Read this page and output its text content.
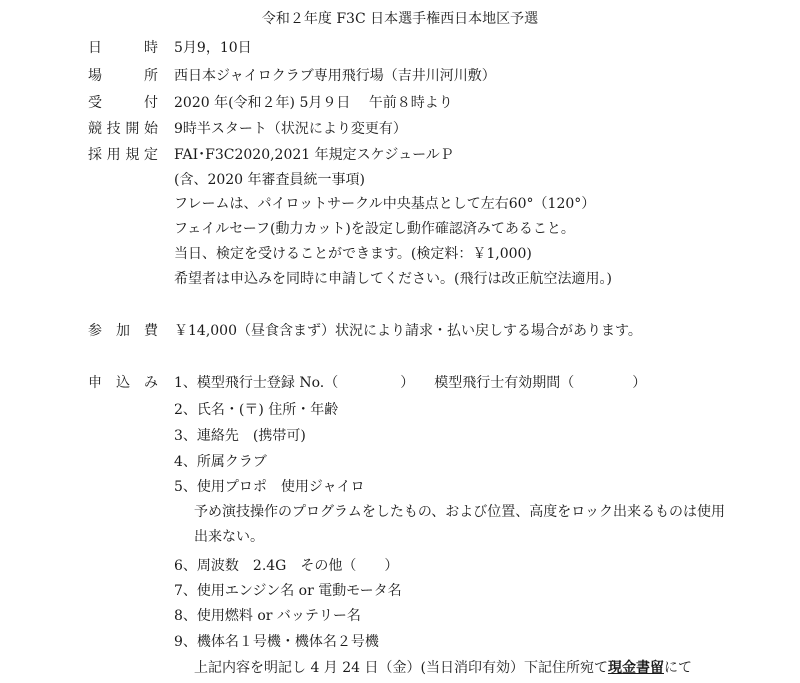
令和２年度 F3C 日本選手権西日本地区予選
日時 5月9，10日
場所 西日本ジャイロクラブ専用飛行場（吉井川河川敷）
受付 2020 年(令和２年) 5月９日　 午前８時より
競技開始 9時半スタート（状況により変更有）
採用規定 FAI･F3C2020,2021 年規定スケジュールＰ
(含、2020 年審査員統一事項)
フレームは、パイロットサークル中央基点として左右60°（120°）
フェイルセーフ(動力カット)を設定し動作確認済みてあること。
当日、検定を受けることができます。(検定料：￥1,000)
希望者は申込みを同時に申請してください。(飛行は改正航空法適用。)
参加費 ￥14,000（昼食含まず）状況により請求・払い戻しする場合があります。
申込み 1、模型飛行士登録 No.（	） 模型飛行士有効期間（	）
2、氏名・(〒) 住所・年齢
3、連絡先　(携帯可)
4、所属クラブ
5、使用プロポ　使用ジャイロ
予め演技操作のプログラムをしたもの、および位置、高度をロック出来るものは使用
出来ない。
6、周波数　2.4G　その他（　　）
7、使用エンジン名 or 電動モータ名
8、使用燃料 or バッテリー名
9、機体名１号機・機体名２号機
上記内容を明記し 4 月 24 日（金）(当日消印有効）下記住所宛て現金書留にて
